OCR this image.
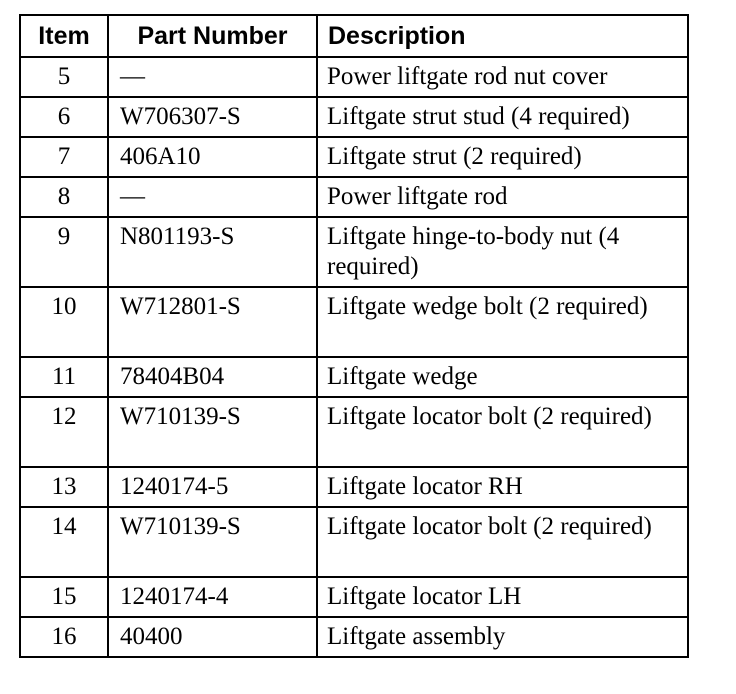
Item	Part Number	Description
5	—	Power liftgate rod nut cover
6	W706307-S	Liftgate strut stud (4 required)
7	406A10	Liftgate strut (2 required)
8	—	Power liftgate rod
9	N801193-S	Liftgate hinge-to-body nut (4 required)
10	W712801-S	Liftgate wedge bolt (2 required)
11	78404B04	Liftgate wedge
12	W710139-S	Liftgate locator bolt (2 required)
13	1240174-5	Liftgate locator RH
14	W710139-S	Liftgate locator bolt (2 required)
15	1240174-4	Liftgate locator LH
16	40400	Liftgate assembly
